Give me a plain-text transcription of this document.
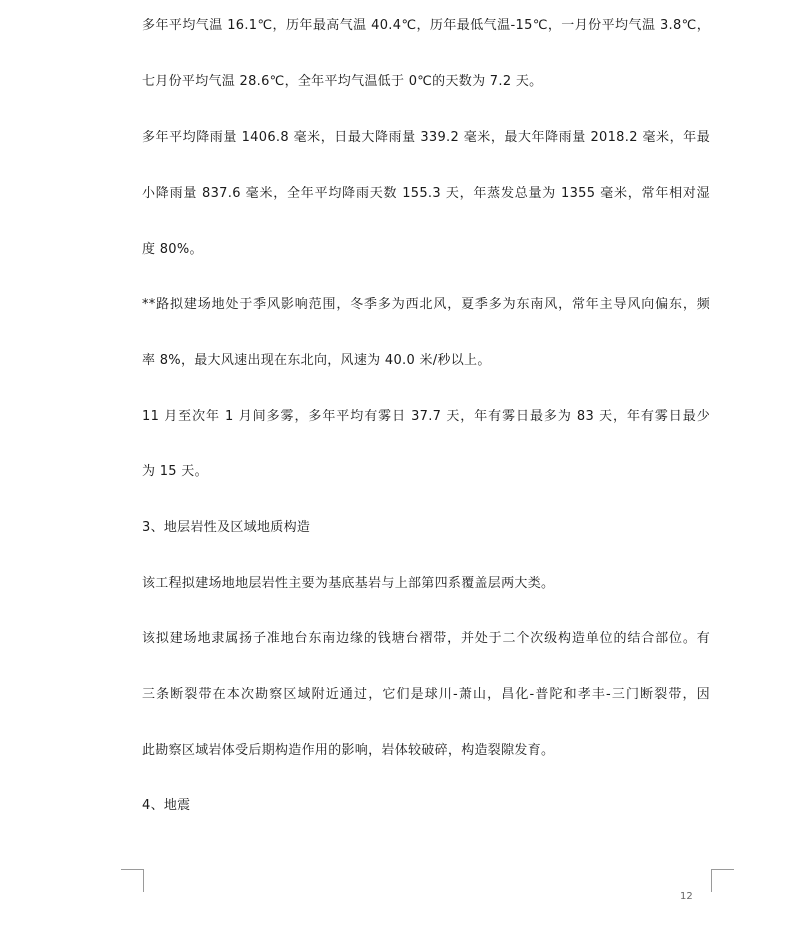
多年平均气温 16.1℃，历年最高气温 40.4℃，历年最低气温-15℃，一月份平均气温 3.8℃，
七月份平均气温 28.6℃，全年平均气温低于 0℃的天数为 7.2 天。
多年平均降雨量 1406.8 毫米，日最大降雨量 339.2 毫米，最大年降雨量 2018.2 毫米，年最
小降雨量 837.6 毫米，全年平均降雨天数 155.3 天，年蒸发总量为 1355 毫米，常年相对湿
度 80%。
**路拟建场地处于季风影响范围，冬季多为西北风，夏季多为东南风，常年主导风向偏东，频
率 8%，最大风速出现在东北向，风速为 40.0 米/秒以上。
11 月至次年 1 月间多雾，多年平均有雾日 37.7 天，年有雾日最多为 83 天，年有雾日最少
为 15 天。
3、地层岩性及区域地质构造
该工程拟建场地地层岩性主要为基底基岩与上部第四系覆盖层两大类。
该拟建场地隶属扬子准地台东南边缘的钱塘台褶带，并处于二个次级构造单位的结合部位。有
三条断裂带在本次勘察区域附近通过，它们是球川-萧山，昌化-普陀和孝丰-三门断裂带，因
此勘察区域岩体受后期构造作用的影响，岩体较破碎，构造裂隙发育。
4、地震
12
